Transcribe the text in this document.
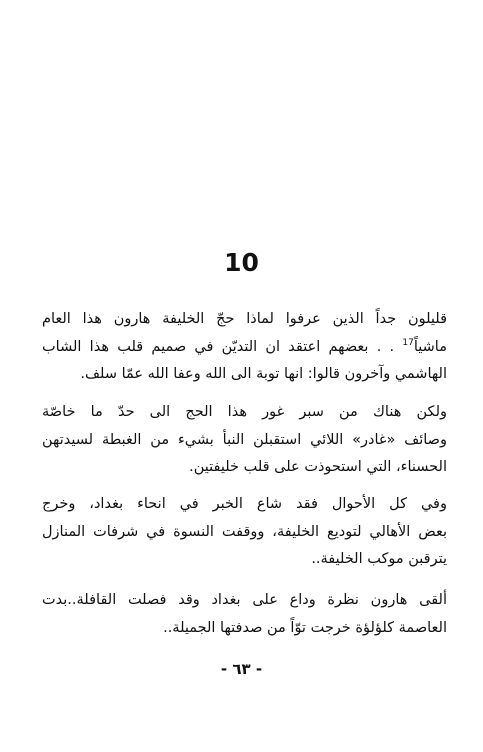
10
قليلون جداً الذين عرفوا لماذا حجّ الخليفة هارون هذا العام
ماشياً$^{17}$ . . بعضهم اعتقد ان التديّن في صميم قلب هذا الشاب
الهاشمي وآخرون قالوا: انها توبة الى الله وعفا الله عمّا سلف.
ولكن هناك من سبر غور هذا الحج الى حدّ ما خاصّة
وصائف «غادر» اللائي استقبلن النبأ بشيء من الغبطة لسيدتهن
الحسناء، التي استحوذت على قلب خليفتين.
وفي كل الأحوال فقد شاع الخبر في انحاء بغداد، وخرج
بعض الأهالي لتوديع الخليفة، ووقفت النسوة في شرفات المنازل
يترقبن موكب الخليفة..
ألقى هارون نظرة وداع على بغداد وقد فصلت القافلة..بدت
العاصمة كلؤلؤة خرجت توّاً من صدفتها الجميلة..
- ٦٣ -
